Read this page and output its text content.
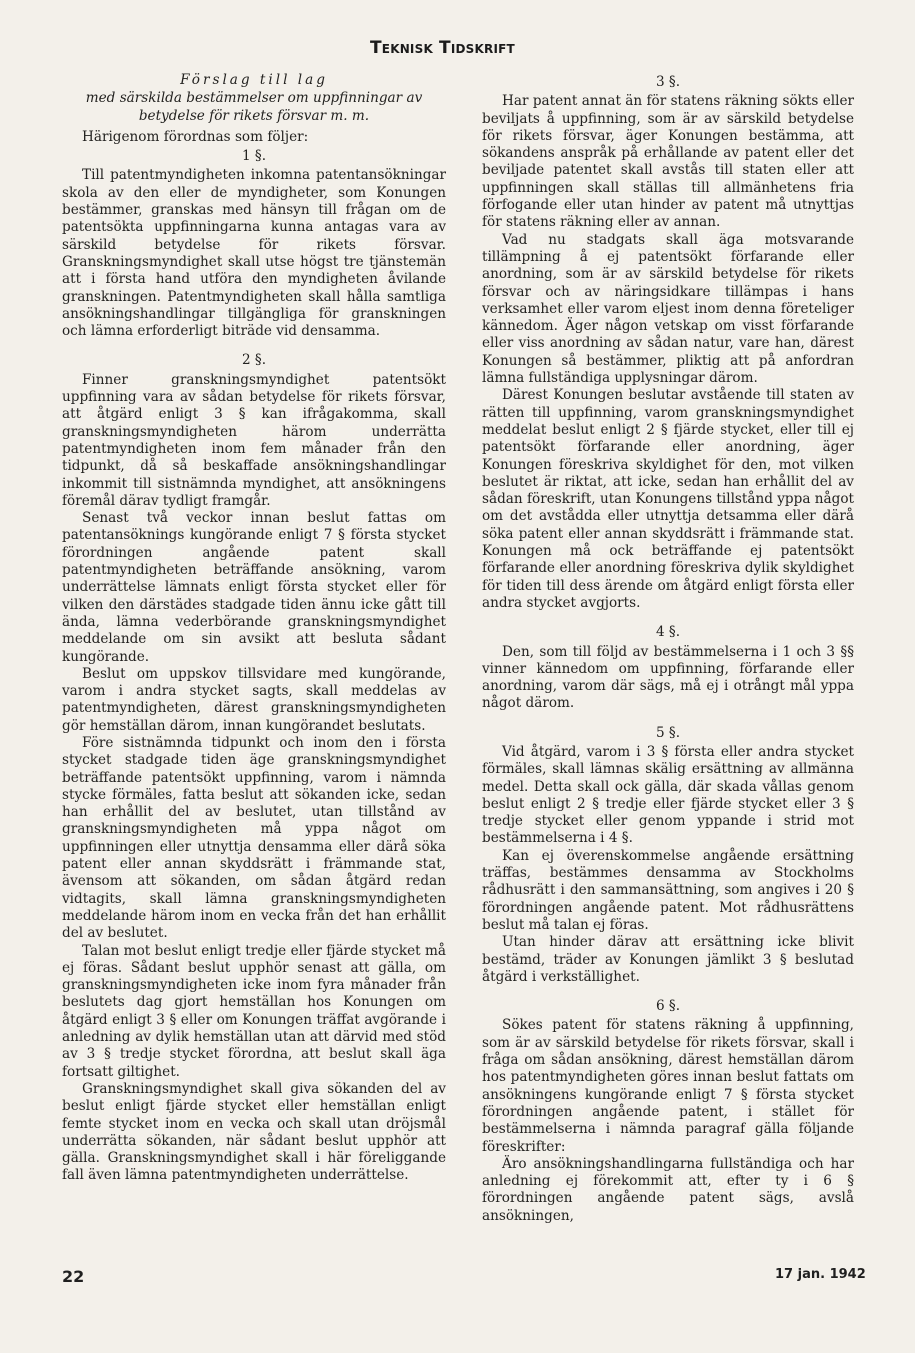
Teknisk Tidskrift

Förslag till lag

med särskilda bestämmelser om uppfinningar av betydelse för rikets försvar m. m.

Härigenom förordnas som följer:

1 §.

Till patentmyndigheten inkomna patentansökningar skola av den eller de myndigheter, som Konungen bestämmer, granskas med hänsyn till frågan om de patentsökta uppfinningarna kunna antagas vara av särskild betydelse för rikets försvar. Granskningsmyndighet skall utse högst tre tjänstemän att i första hand utföra den myndigheten åvilande granskningen. Patentmyndigheten skall hålla samtliga ansökningshandlingar tillgängliga för granskningen och lämna erforderligt biträde vid densamma.

2 §.

Finner granskningsmyndighet patentsökt uppfinning vara av sådan betydelse för rikets försvar, att åtgärd enligt 3 § kan ifrågakomma, skall granskningsmyndigheten härom underrätta patentmyndigheten inom fem månader från den tidpunkt, då så beskaffade ansökningshandlingar inkommit till sistnämnda myndighet, att ansökningens föremål därav tydligt framgår.

Senast två veckor innan beslut fattas om patentansöknings kungörande enligt 7 § första stycket förordningen angående patent skall patentmyndigheten beträffande ansökning, varom underrättelse lämnats enligt första stycket eller för vilken den därstädes stadgade tiden ännu icke gått till ända, lämna vederbörande granskningsmyndighet meddelande om sin avsikt att besluta sådant kungörande.

Beslut om uppskov tillsvidare med kungörande, varom i andra stycket sagts, skall meddelas av patentmyndigheten, därest granskningsmyndigheten gör hemställan därom, innan kungörandet beslutats.

Före sistnämnda tidpunkt och inom den i första stycket stadgade tiden äge granskningsmyndighet beträffande patentsökt uppfinning, varom i nämnda stycke förmäles, fatta beslut att sökanden icke, sedan han erhållit del av beslutet, utan tillstånd av granskningsmyndigheten må yppa något om uppfinningen eller utnyttja densamma eller därå söka patent eller annan skyddsrätt i främmande stat, ävensom att sökanden, om sådan åtgärd redan vidtagits, skall lämna granskningsmyndigheten meddelande härom inom en vecka från det han erhållit del av beslutet.

Talan mot beslut enligt tredje eller fjärde stycket må ej föras. Sådant beslut upphör senast att gälla, om granskningsmyndigheten icke inom fyra månader från beslutets dag gjort hemställan hos Konungen om åtgärd enligt 3 § eller om Konungen träffat avgörande i anledning av dylik hemställan utan att därvid med stöd av 3 § tredje stycket förordna, att beslut skall äga fortsatt giltighet.

Granskningsmyndighet skall giva sökanden del av beslut enligt fjärde stycket eller hemställan enligt femte stycket inom en vecka och skall utan dröjsmål underrätta sökanden, när sådant beslut upphör att gälla. Granskningsmyndighet skall i här föreliggande fall även lämna patentmyndigheten underrättelse.

3 §.

Har patent annat än för statens räkning sökts eller beviljats å uppfinning, som är av särskild betydelse för rikets försvar, äger Konungen bestämma, att sökandens anspråk på erhållande av patent eller det beviljade patentet skall avstås till staten eller att uppfinningen skall ställas till allmänhetens fria förfogande eller utan hinder av patent må utnyttjas för statens räkning eller av annan.

Vad nu stadgats skall äga motsvarande tillämpning å ej patentsökt förfarande eller anordning, som är av särskild betydelse för rikets försvar och av näringsidkare tillämpas i hans verksamhet eller varom eljest inom denna företeliger kännedom. Äger någon vetskap om visst förfarande eller viss anordning av sådan natur, vare han, därest Konungen så bestämmer, pliktig att på anfordran lämna fullständiga upplysningar därom.

Därest Konungen beslutar avstående till staten av rätten till uppfinning, varom granskningsmyndighet meddelat beslut enligt 2 § fjärde stycket, eller till ej patentsökt förfarande eller anordning, äger Konungen föreskriva skyldighet för den, mot vilken beslutet är riktat, att icke, sedan han erhållit del av sådan föreskrift, utan Konungens tillstånd yppa något om det avstådda eller utnyttja detsamma eller därå söka patent eller annan skyddsrätt i främmande stat. Konungen må ock beträffande ej patentsökt förfarande eller anordning föreskriva dylik skyldighet för tiden till dess ärende om åtgärd enligt första eller andra stycket avgjorts.

4 §.

Den, som till följd av bestämmelserna i 1 och 3 §§ vinner kännedom om uppfinning, förfarande eller anordning, varom där sägs, må ej i otrångt mål yppa något därom.

5 §.

Vid åtgärd, varom i 3 § första eller andra stycket förmäles, skall lämnas skälig ersättning av allmänna medel. Detta skall ock gälla, där skada vållas genom beslut enligt 2 § tredje eller fjärde stycket eller 3 § tredje stycket eller genom yppande i strid mot bestämmelserna i 4 §.

Kan ej överenskommelse angående ersättning träffas, bestämmes densamma av Stockholms rådhusrätt i den sammansättning, som angives i 20 § förordningen angående patent. Mot rådhusrättens beslut må talan ej föras.

Utan hinder därav att ersättning icke blivit bestämd, träder av Konungen jämlikt 3 § beslutad åtgärd i verkställighet.

6 §.

Sökes patent för statens räkning å uppfinning, som är av särskild betydelse för rikets försvar, skall i fråga om sådan ansökning, därest hemställan därom hos patentmyndigheten göres innan beslut fattats om ansökningens kungörande enligt 7 § första stycket förordningen angående patent, i stället för bestämmelserna i nämnda paragraf gälla följande föreskrifter:

Äro ansökningshandlingarna fullständiga och har anledning ej förekommit att, efter ty i 6 § förordningen angående patent sägs, avslå ansökningen,

22	17 jan. 1942
